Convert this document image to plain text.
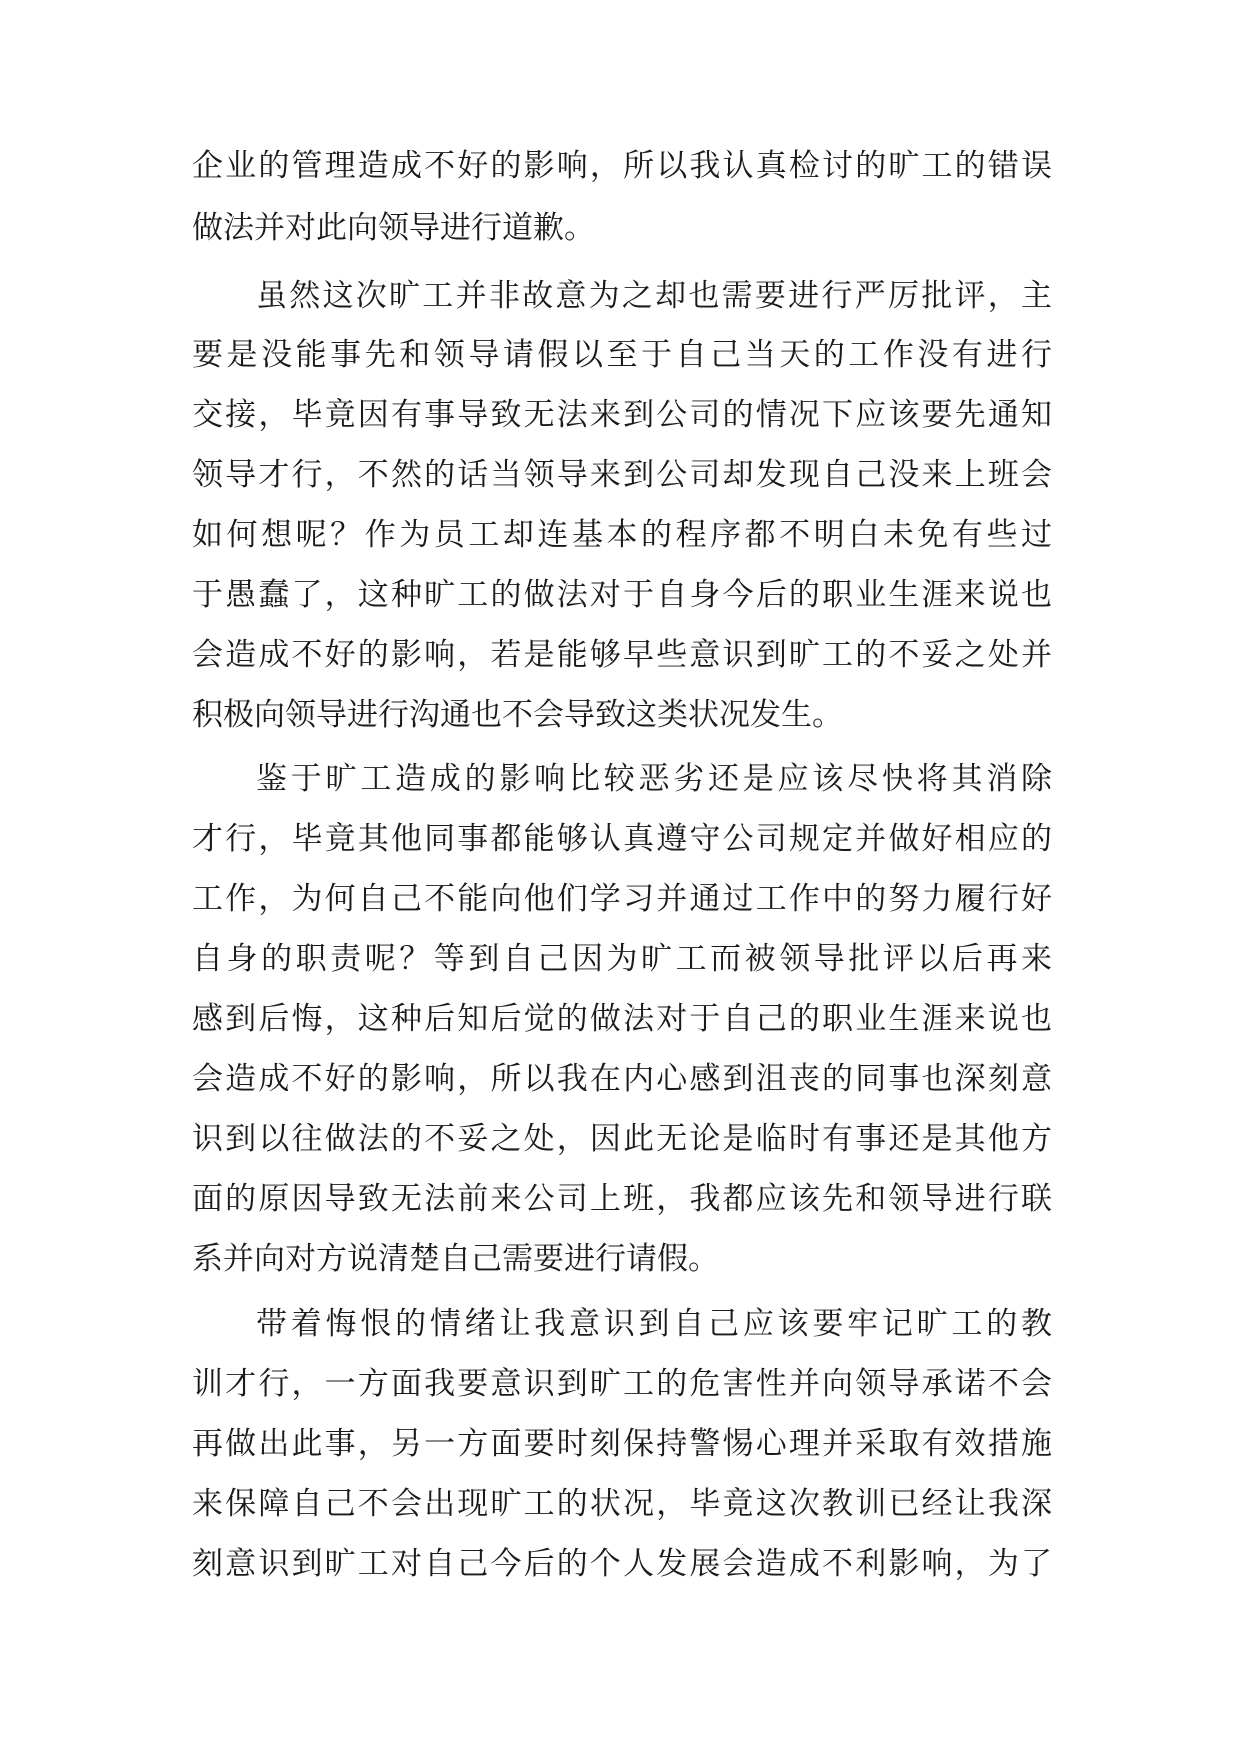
企业的管理造成不好的影响，所以我认真检讨的旷工的错误
做法并对此向领导进行道歉。
虽然这次旷工并非故意为之却也需要进行严厉批评，主
要是没能事先和领导请假以至于自己当天的工作没有进行
交接，毕竟因有事导致无法来到公司的情况下应该要先通知
领导才行，不然的话当领导来到公司却发现自己没来上班会
如何想呢？作为员工却连基本的程序都不明白未免有些过
于愚蠢了，这种旷工的做法对于自身今后的职业生涯来说也
会造成不好的影响，若是能够早些意识到旷工的不妥之处并
积极向领导进行沟通也不会导致这类状况发生。
鉴于旷工造成的影响比较恶劣还是应该尽快将其消除
才行，毕竟其他同事都能够认真遵守公司规定并做好相应的
工作，为何自己不能向他们学习并通过工作中的努力履行好
自身的职责呢？等到自己因为旷工而被领导批评以后再来
感到后悔，这种后知后觉的做法对于自己的职业生涯来说也
会造成不好的影响，所以我在内心感到沮丧的同事也深刻意
识到以往做法的不妥之处，因此无论是临时有事还是其他方
面的原因导致无法前来公司上班，我都应该先和领导进行联
系并向对方说清楚自己需要进行请假。
带着悔恨的情绪让我意识到自己应该要牢记旷工的教
训才行，一方面我要意识到旷工的危害性并向领导承诺不会
再做出此事，另一方面要时刻保持警惕心理并采取有效措施
来保障自己不会出现旷工的状况，毕竟这次教训已经让我深
刻意识到旷工对自己今后的个人发展会造成不利影响，为了
